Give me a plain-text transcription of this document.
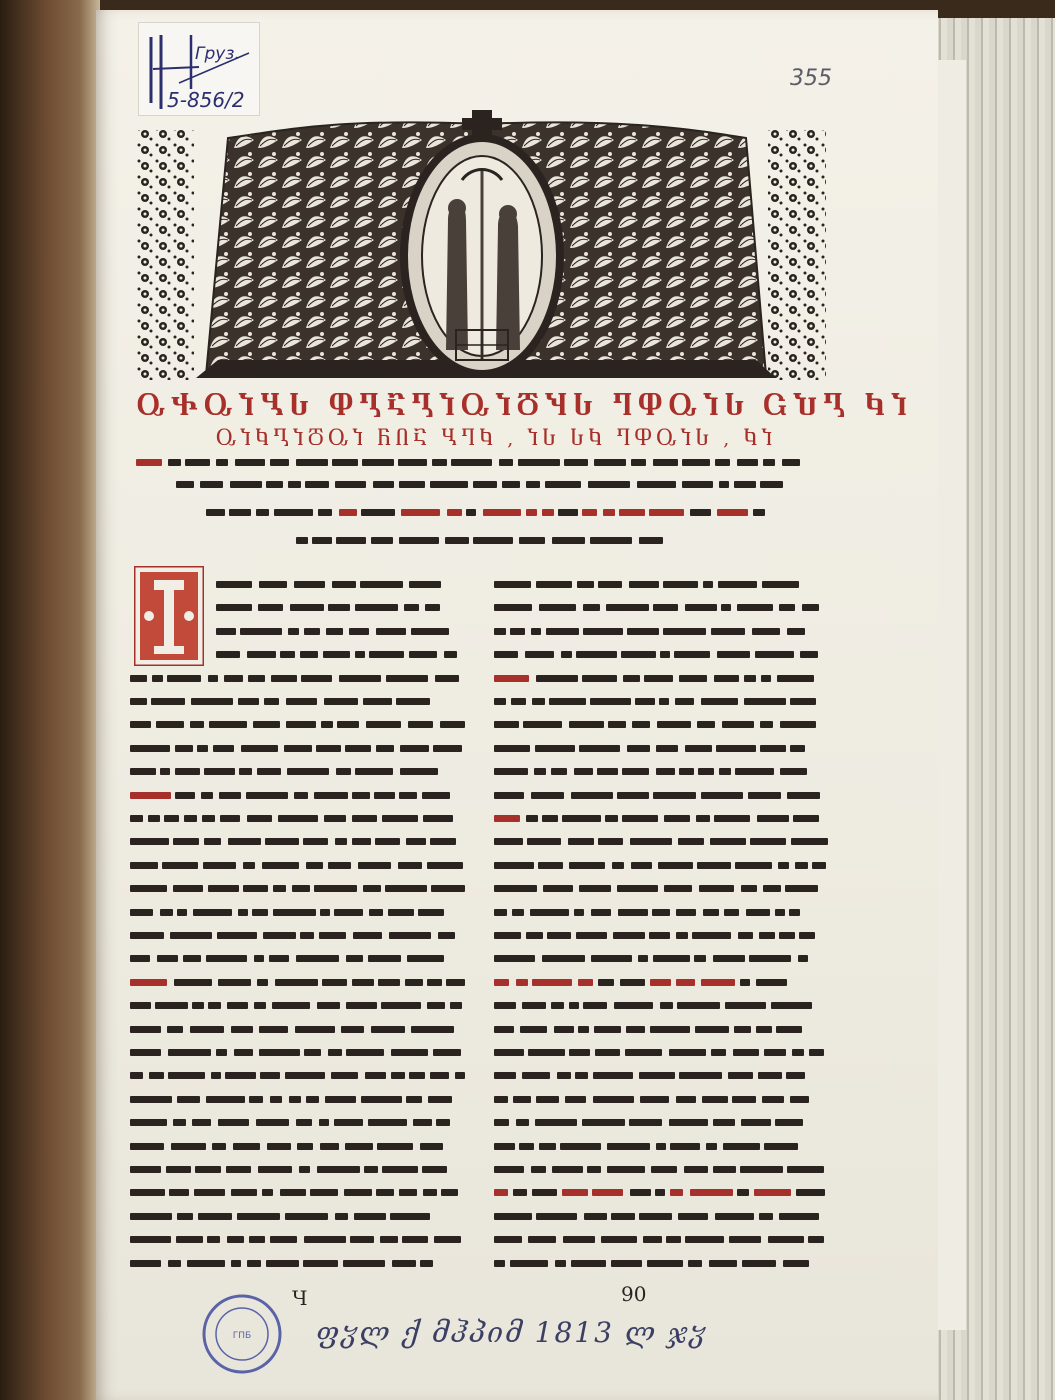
Груз.
5-856/2
355
ႭႵႭႨႡႱ ႴႢႠႢႨႭႨႣႯႱ ႤႴႭႨႱ ႺႮႢ ႩႨ
ႭႨႩႢႨႣႭႨ ႬႶႠ ႡႤႩ , ႨႱ ႱႩ ႤႴႭႨႱ , ႩႨ
ფჳლ ქ მჰპიმ 1813 ლ ჯჳ
90
Ч
ГПБ
